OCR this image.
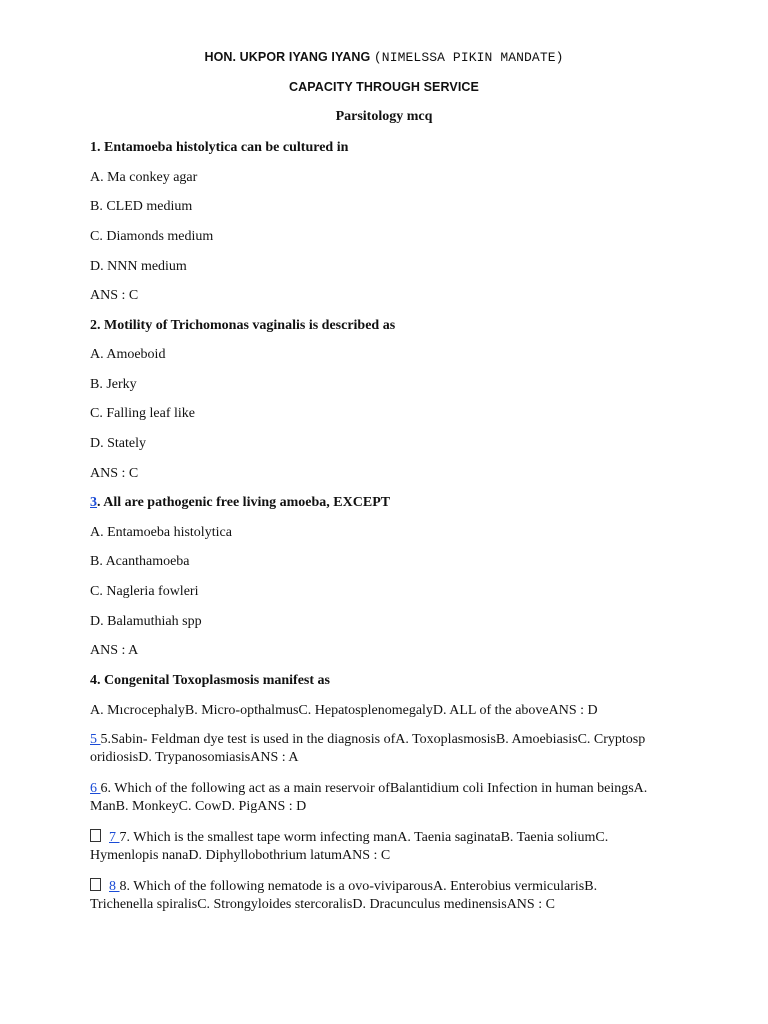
HON. UKPOR IYANG IYANG (NIMELSSA PIKIN MANDATE)
CAPACITY THROUGH SERVICE
Parsitology mcq
1. Entamoeba histolytica can be cultured in
A. Ma conkey agar
B. CLED medium
C. Diamonds medium
D. NNN medium
ANS : C
2. Motility of Trichomonas vaginalis is described as
A. Amoeboid
B. Jerky
C. Falling leaf like
D. Stately
ANS : C
3. All are pathogenic free living amoeba, EXCEPT
A. Entamoeba histolytica
B. Acanthamoeba
C. Nagleria fowleri
D. Balamuthiah spp
ANS : A
4. Congenital Toxoplasmosis manifest as
A. MıcrocephalyB. Micro-opthalmusC. HepatosplenomegalyD. ALL of the aboveANS : D
5 5.Sabin- Feldman dye test is used in the diagnosis ofA. ToxoplasmosisB. AmoebiasisC. Cryptosp oridiosisD. TrypanosomiasisANS : A
6 6. Which of the following act as a main reservoir ofBalantidium coli Infection in human beingsA. ManB. MonkeyC. CowD. PigANS : D
7 7. Which is the smallest tape worm infecting manA. Taenia saginataB. Taenia soliumC. Hymenlopis nanaD. Diphyllobothrium latumANS : C
8 8. Which of the following nematode is a ovo-viviparousA. Enterobius vermicularisB. Trichenella spiralisC. Strongyloides stercoralisD. Dracunculus medinensisANS : C
